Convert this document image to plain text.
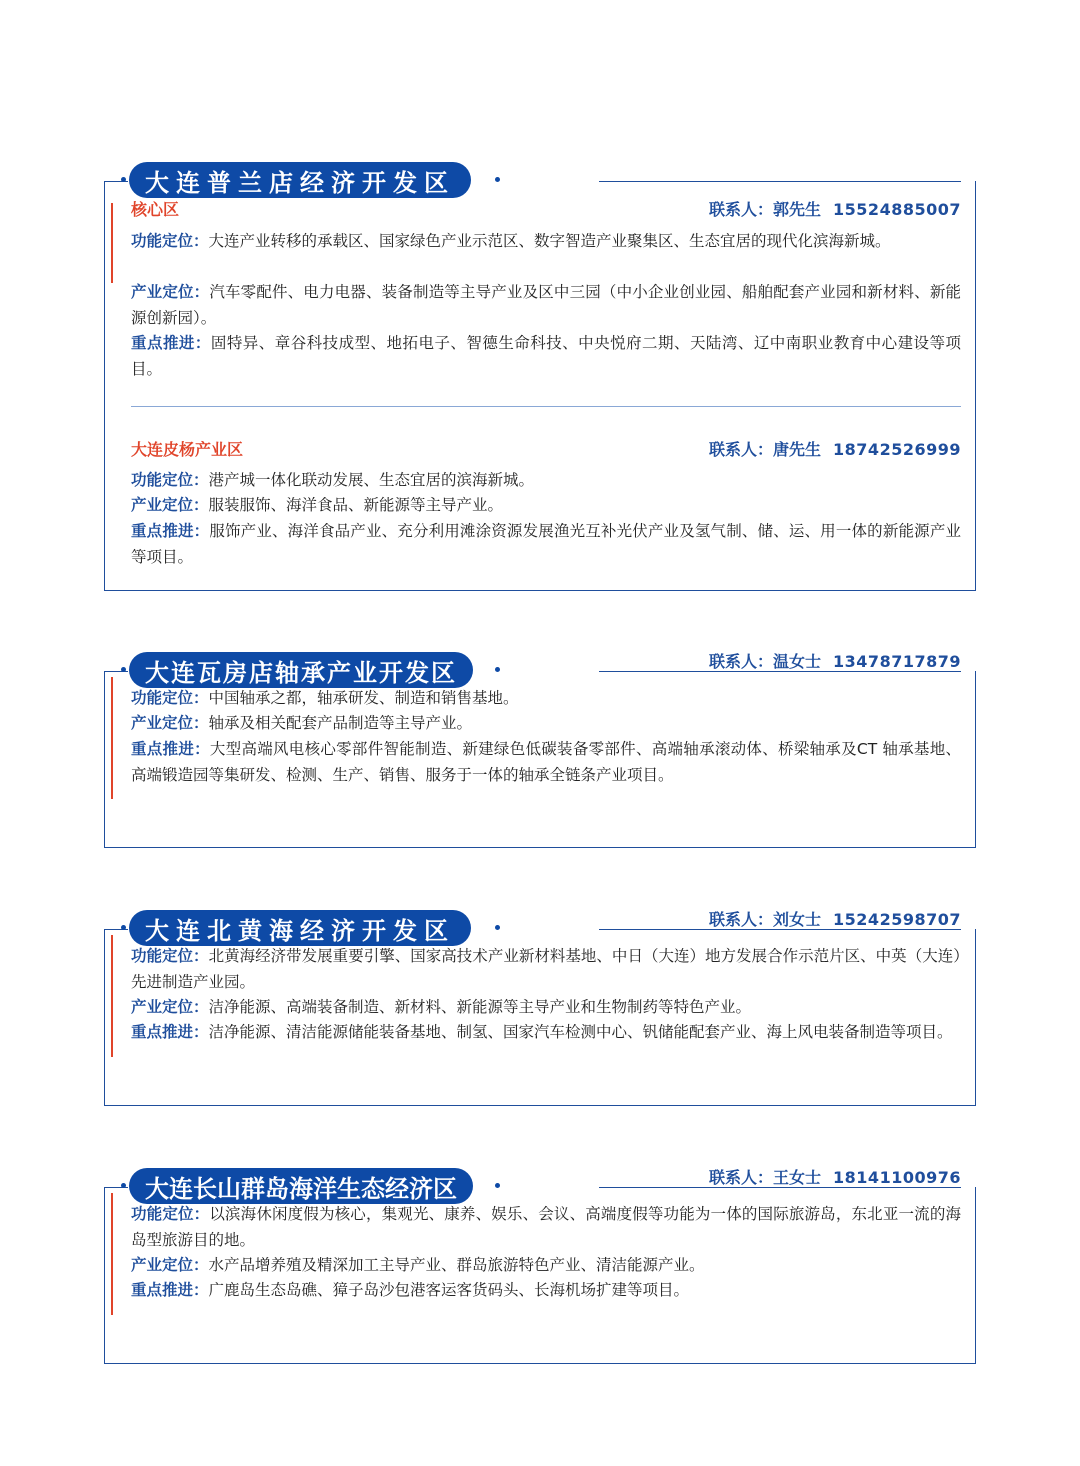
大连普兰店经济开发区
核心区	联系人：郭先生 15524885007
功能定位：大连产业转移的承载区、国家绿色产业示范区、数字智造产业聚集区、生态宜居的现代化滨海新城。
产业定位：汽车零配件、电力电器、装备制造等主导产业及区中三园（中小企业创业园、船舶配套产业园和新材料、新能源创新园）。
重点推进：固特异、章谷科技成型、地拓电子、智德生命科技、中央悦府二期、天陆湾、辽中南职业教育中心建设等项目。
大连皮杨产业区	联系人：唐先生 18742526999
功能定位：港产城一体化联动发展、生态宜居的滨海新城。
产业定位：服装服饰、海洋食品、新能源等主导产业。
重点推进：服饰产业、海洋食品产业、充分利用滩涂资源发展渔光互补光伏产业及氢气制、储、运、用一体的新能源产业等项目。
大连瓦房店轴承产业开发区	联系人：温女士 13478717879
功能定位：中国轴承之都，轴承研发、制造和销售基地。
产业定位：轴承及相关配套产品制造等主导产业。
重点推进：大型高端风电核心零部件智能制造、新建绿色低碳装备零部件、高端轴承滚动体、桥梁轴承及CT 轴承基地、高端锻造园等集研发、检测、生产、销售、服务于一体的轴承全链条产业项目。
大连北黄海经济开发区	联系人：刘女士 15242598707
功能定位：北黄海经济带发展重要引擎、国家高技术产业新材料基地、中日（大连）地方发展合作示范片区、中英（大连）先进制造产业园。
产业定位：洁净能源、高端装备制造、新材料、新能源等主导产业和生物制药等特色产业。
重点推进：洁净能源、清洁能源储能装备基地、制氢、国家汽车检测中心、钒储能配套产业、海上风电装备制造等项目。
大连长山群岛海洋生态经济区	联系人：王女士 18141100976
功能定位：以滨海休闲度假为核心，集观光、康养、娱乐、会议、高端度假等功能为一体的国际旅游岛，东北亚一流的海岛型旅游目的地。
产业定位：水产品增养殖及精深加工主导产业、群岛旅游特色产业、清洁能源产业。
重点推进：广鹿岛生态岛礁、獐子岛沙包港客运客货码头、长海机场扩建等项目。
